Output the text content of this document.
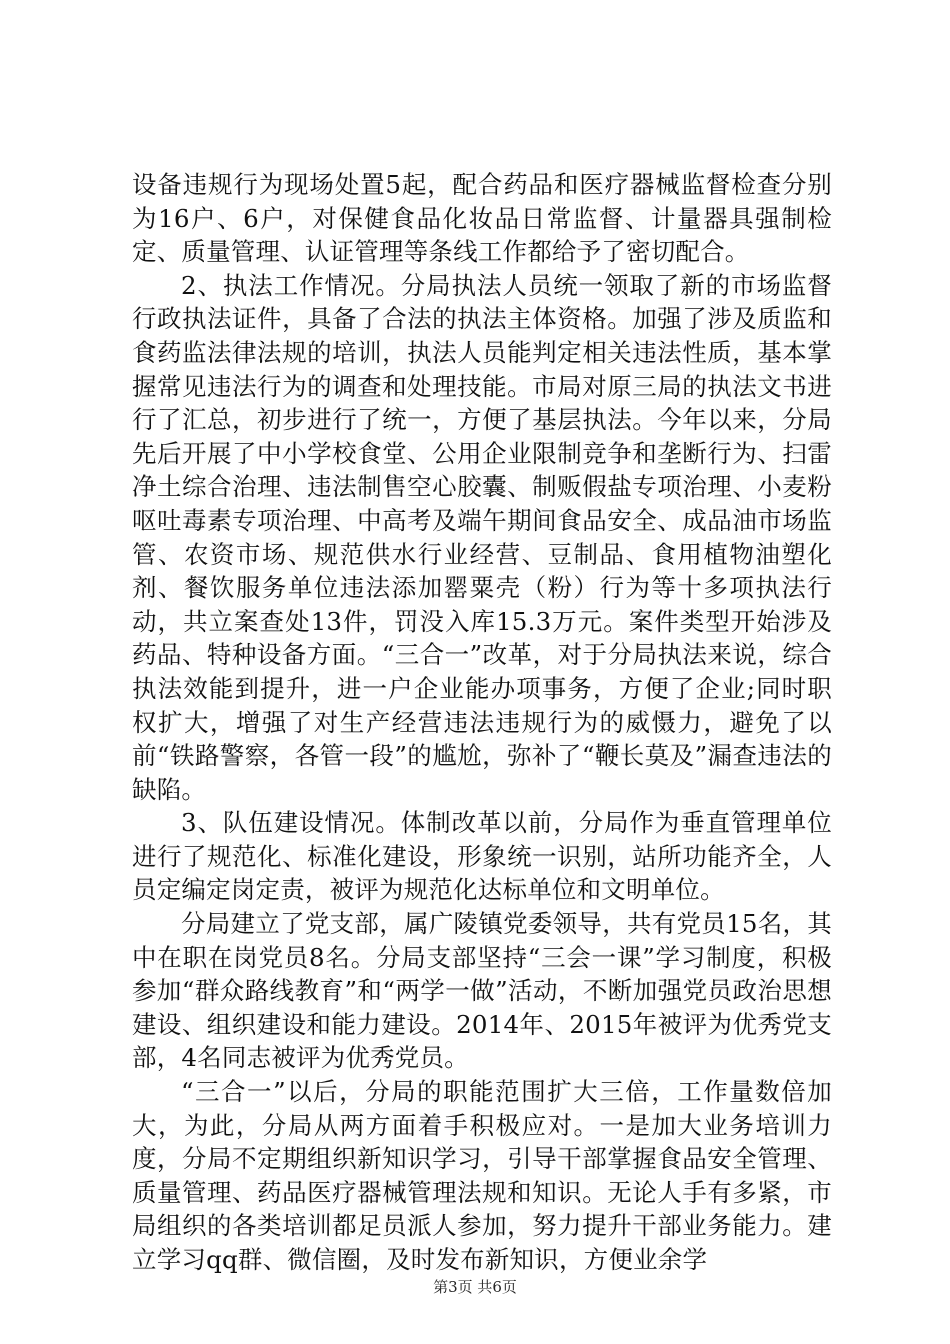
设备违规行为现场处置5起，配合药品和医疗器械监督检查分别为16户、6户，对保健食品化妆品日常监督、计量器具强制检定、质量管理、认证管理等条线工作都给予了密切配合。

2、执法工作情况。分局执法人员统一领取了新的市场监督行政执法证件，具备了合法的执法主体资格。加强了涉及质监和食药监法律法规的培训，执法人员能判定相关违法性质，基本掌握常见违法行为的调查和处理技能。市局对原三局的执法文书进行了汇总，初步进行了统一，方便了基层执法。今年以来，分局先后开展了中小学校食堂、公用企业限制竞争和垄断行为、扫雷净土综合治理、违法制售空心胶囊、制贩假盐专项治理、小麦粉呕吐毒素专项治理、中高考及端午期间食品安全、成品油市场监管、农资市场、规范供水行业经营、豆制品、食用植物油塑化剂、餐饮服务单位违法添加罂粟壳（粉）行为等十多项执法行动，共立案查处13件，罚没入库15.3万元。案件类型开始涉及药品、特种设备方面。“三合一”改革，对于分局执法来说，综合执法效能到提升，进一户企业能办项事务，方便了企业;同时职权扩大，增强了对生产经营违法违规行为的威慑力，避免了以前“铁路警察，各管一段”的尴尬，弥补了“鞭长莫及”漏查违法的缺陷。

3、队伍建设情况。体制改革以前，分局作为垂直管理单位进行了规范化、标准化建设，形象统一识别，站所功能齐全，人员定编定岗定责，被评为规范化达标单位和文明单位。

分局建立了党支部，属广陵镇党委领导，共有党员15名，其中在职在岗党员8名。分局支部坚持“三会一课”学习制度，积极参加“群众路线教育”和“两学一做”活动，不断加强党员政治思想建设、组织建设和能力建设。2014年、2015年被评为优秀党支部，4名同志被评为优秀党员。

“三合一”以后，分局的职能范围扩大三倍，工作量数倍加大，为此，分局从两方面着手积极应对。一是加大业务培训力度，分局不定期组织新知识学习，引导干部掌握食品安全管理、质量管理、药品医疗器械管理法规和知识。无论人手有多紧，市局组织的各类培训都足员派人参加，努力提升干部业务能力。建立学习qq群、微信圈，及时发布新知识，方便业余学

第3页 共6页
